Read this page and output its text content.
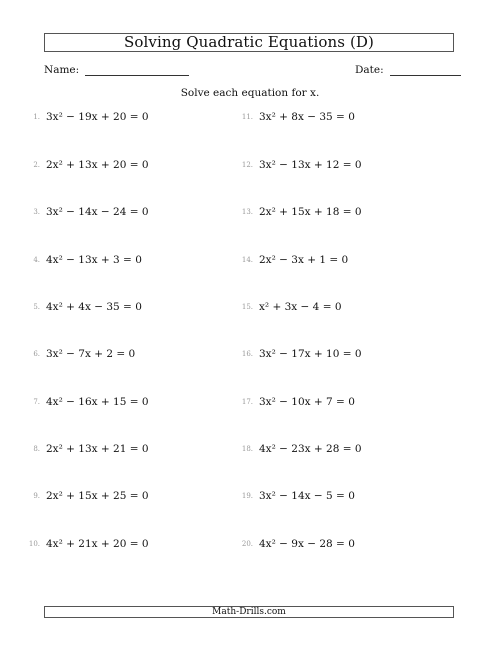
Solving Quadratic Equations (D)
Name:	Date:
Solve each equation for x.
1. 3x² − 19x + 20 = 0
2. 2x² + 13x + 20 = 0
3. 3x² − 14x − 24 = 0
4. 4x² − 13x + 3 = 0
5. 4x² + 4x − 35 = 0
6. 3x² − 7x + 2 = 0
7. 4x² − 16x + 15 = 0
8. 2x² + 13x + 21 = 0
9. 2x² + 15x + 25 = 0
10. 4x² + 21x + 20 = 0
11. 3x² + 8x − 35 = 0
12. 3x² − 13x + 12 = 0
13. 2x² + 15x + 18 = 0
14. 2x² − 3x + 1 = 0
15. x² + 3x − 4 = 0
16. 3x² − 17x + 10 = 0
17. 3x² − 10x + 7 = 0
18. 4x² − 23x + 28 = 0
19. 3x² − 14x − 5 = 0
20. 4x² − 9x − 28 = 0
Math-Drills.com
